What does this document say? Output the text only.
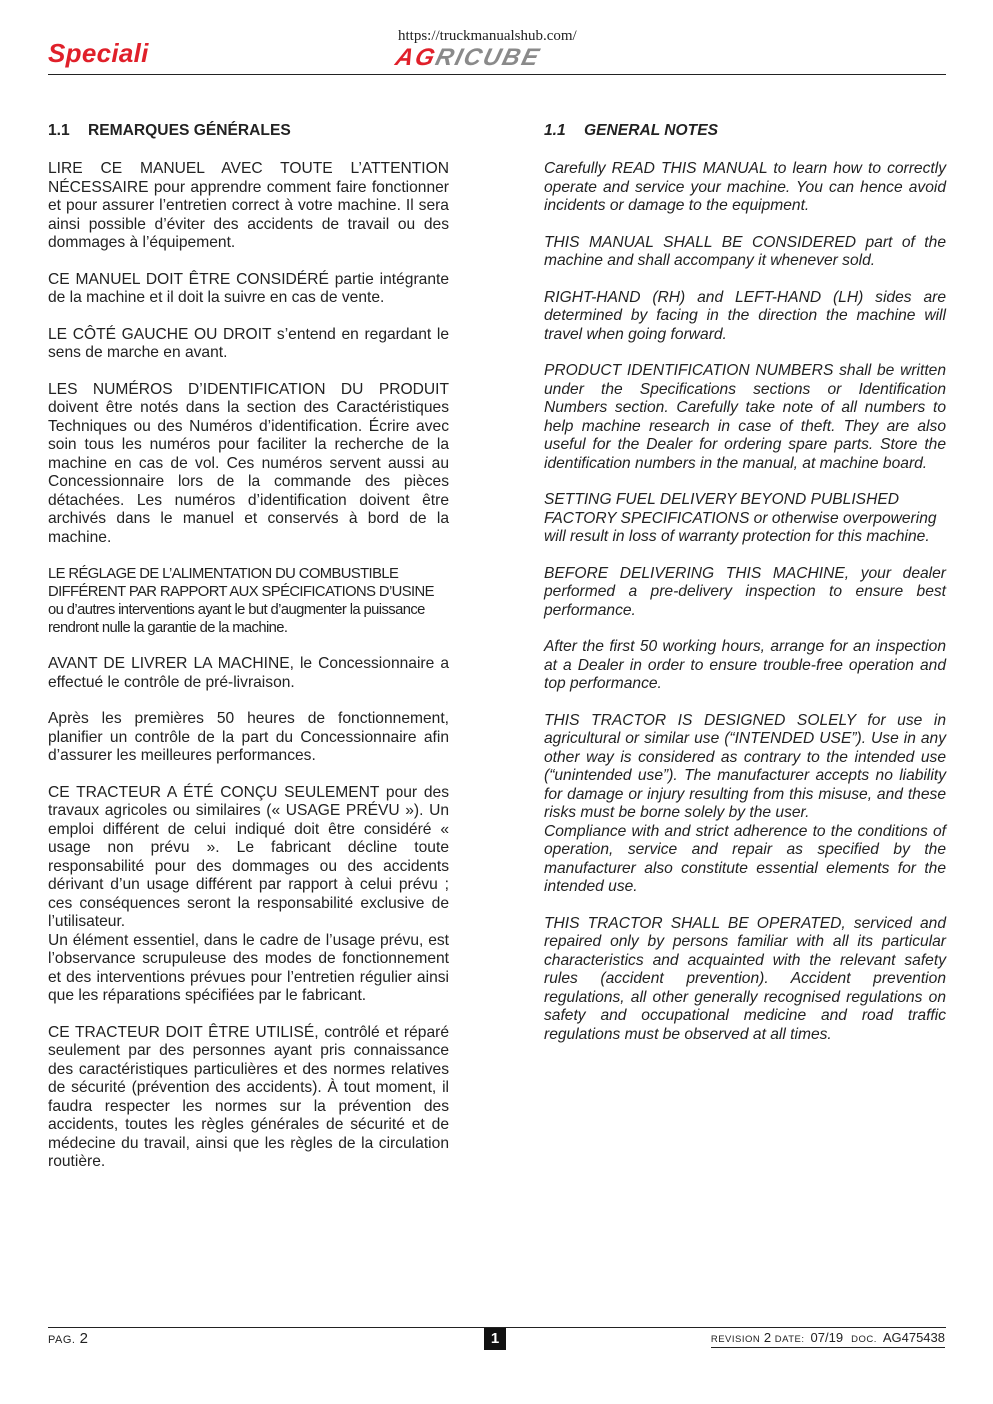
Speciali
https://truckmanualshub.com/
AGRICUBE
1.1 REMARQUES GÉNÉRALES

LIRE CE MANUEL AVEC TOUTE L’ATTENTION NÉCESSAIRE pour apprendre comment faire fonctionner et pour assurer l’entretien correct à votre machine. Il sera ainsi possible d’éviter des accidents de travail ou des dommages à l’équipement.

CE MANUEL DOIT ÊTRE CONSIDÉRÉ partie intégrante de la machine et il doit la suivre en cas de vente.

LE CÔTÉ GAUCHE OU DROIT s’entend en regardant le sens de marche en avant.

LES NUMÉROS D’IDENTIFICATION DU PRODUIT doivent être notés dans la section des Caractéristiques Techniques ou des Numéros d’identification. Écrire avec soin tous les numéros pour faciliter la recherche de la machine en cas de vol. Ces numéros servent aussi au Concessionnaire lors de la commande des pièces détachées. Les numéros d’identification doivent être archivés dans le manuel et conservés à bord de la machine.

LE RÉGLAGE DE L’ALIMENTATION DU COMBUSTIBLE DIFFÉRENT PAR RAPPORT AUX SPÉCIFICATIONS D’USINE ou d’autres interventions ayant le but d’augmenter la puissance rendront nulle la garantie de la machine.

AVANT DE LIVRER LA MACHINE, le Concessionnaire a effectué le contrôle de pré-livraison.

Après les premières 50 heures de fonctionnement, planifier un contrôle de la part du Concessionnaire afin d’assurer les meilleures performances.

CE TRACTEUR A ÉTÉ CONÇU SEULEMENT pour des travaux agricoles ou similaires (« USAGE PRÉVU »). Un emploi différent de celui indiqué doit être considéré « usage non prévu ». Le fabricant décline toute responsabilité pour des dommages ou des accidents dérivant d’un usage différent par rapport à celui prévu ; ces conséquences seront la responsabilité exclusive de l’utilisateur.

Un élément essentiel, dans le cadre de l’usage prévu, est l’observance scrupuleuse des modes de fonctionnement et des interventions prévues pour l’entretien régulier ainsi que les réparations spécifiées par le fabricant.

CE TRACTEUR DOIT ÊTRE UTILISÉ, contrôlé et réparé seulement par des personnes ayant pris connaissance des caractéristiques particulières et des normes relatives de sécurité (prévention des accidents). À tout moment, il faudra respecter les normes sur la prévention des accidents, toutes les règles générales de sécurité et de médecine du travail, ainsi que les règles de la circulation routière.

1.1 GENERAL NOTES

Carefully READ THIS MANUAL to learn how to correctly operate and service your machine. You can hence avoid incidents or damage to the equipment.

THIS MANUAL SHALL BE CONSIDERED part of the machine and shall accompany it whenever sold.

RIGHT-HAND (RH) and LEFT-HAND (LH) sides are determined by facing in the direction the machine will travel when going forward.

PRODUCT IDENTIFICATION NUMBERS shall be written under the Specifications sections or Identification Numbers section. Carefully take note of all numbers to help machine research in case of theft. They are also useful for the Dealer for ordering spare parts. Store the identification numbers in the manual, at machine board.

SETTING FUEL DELIVERY BEYOND PUBLISHED FACTORY SPECIFICATIONS or otherwise overpowering will result in loss of warranty protection for this machine.

BEFORE DELIVERING THIS MACHINE, your dealer performed a pre-delivery inspection to ensure best performance.

After the first 50 working hours, arrange for an inspection at a Dealer in order to ensure trouble-free operation and top performance.

THIS TRACTOR IS DESIGNED SOLELY for use in agricultural or similar use (“INTENDED USE”). Use in any other way is considered as contrary to the intended use (“unintended use”). The manufacturer accepts no liability for damage or injury resulting from this misuse, and these risks must be borne solely by the user.

Compliance with and strict adherence to the conditions of operation, service and repair as specified by the manufacturer also constitute essential elements for the intended use.

THIS TRACTOR SHALL BE OPERATED, serviced and repaired only by persons familiar with all its particular characteristics and acquainted with the relevant safety rules (accident prevention). Accident prevention regulations, all other generally recognised regulations on safety and occupational medicine and road traffic regulations must be observed at all times.

PAG. 2	1	REVISION 2 DATE: 07/19 DOC. AG475438
